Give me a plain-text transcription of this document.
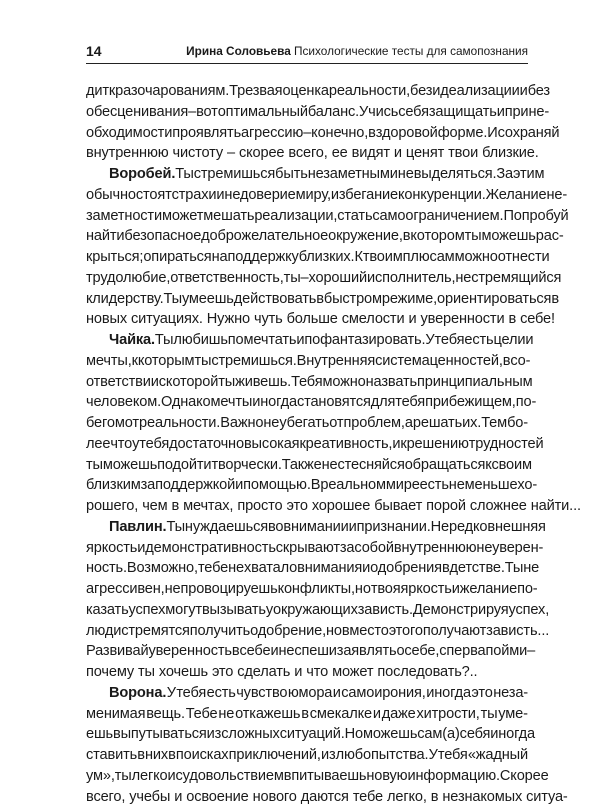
14	Ирина Соловьева Психологические тесты для самопознания
дит к разочарованиям. Трезвая оценка реальности, без идеализации и без
обесценивания – вот оптимальный баланс. Учись себя защищать и при не-
обходимости проявлять агрессию – конечно, в здоровой форме. И сохраняй
внутреннюю чистоту – скорее всего, ее видят и ценят твои близкие.
Воробей. Ты стремишься быть незаметным и не выделяться. За этим
обычно стоят страхи и недоверие миру, избегание конкуренции. Желание не-
заметности может мешать реализации, стать самоограничением. Попробуй
найти безопасное доброжелательное окружение, в котором ты можешь рас-
крыться; опираться на поддержку близких. К твоим плюсам можно отнести
трудолюбие, ответственность, ты – хороший исполнитель, не стремящийся
к лидерству. Ты умеешь действовать в быстром режиме, ориентироваться в
новых ситуациях. Нужно чуть больше смелости и уверенности в себе!
Чайка. Ты любишь помечтать и пофантазировать. У тебя есть цели и
мечты, к которым ты стремишься. Внутренняя система ценностей, в со-
ответствии с которой ты живешь. Тебя можно назвать принципиальным
человеком. Однако мечты иногда становятся для тебя прибежищем, по-
бегом от реальности. Важно не убегать от проблем, а решать их. Тем бо-
лее что у тебя достаточно высокая креативность, и к решению трудностей
ты можешь подойти творчески. Также не стесняйся обращаться к своим
близким за поддержкой и помощью. В реальном мире есть не меньше хо-
рошего, чем в мечтах, просто это хорошее бывает порой сложнее найти...
Павлин. Ты нуждаешься во внимании и признании. Нередко внешняя
яркость и демонстративность скрывают за собой внутреннюю неуверен-
ность. Возможно, тебе не хватало внимания и одобрения в детстве. Ты не
агрессивен, не провоцируешь конфликты, но твоя яркость и желание по-
казать успех могут вызывать у окружающих зависть. Демонстрируя успех,
люди стремятся получить одобрение, но вместо этого получают зависть...
Развивай уверенность в себе и не спеши заявлять о себе, сперва пойми –
почему ты хочешь это сделать и что может последовать?..
Ворона. У тебя есть чувство юмора и самоирония, иногда это неза-
менимая вещь. Тебе не откажешь в смекалке и даже хитрости, ты уме-
ешь выпутываться из сложных ситуаций. Но можешь сам(а) себя иногда
ставить в них в поисках приключений, из любопытства. У тебя «жадный
ум», ты легко и с удовольствием впитываешь новую информацию. Скорее
всего, учебы и освоение нового даются тебе легко, в незнакомых ситуа-
